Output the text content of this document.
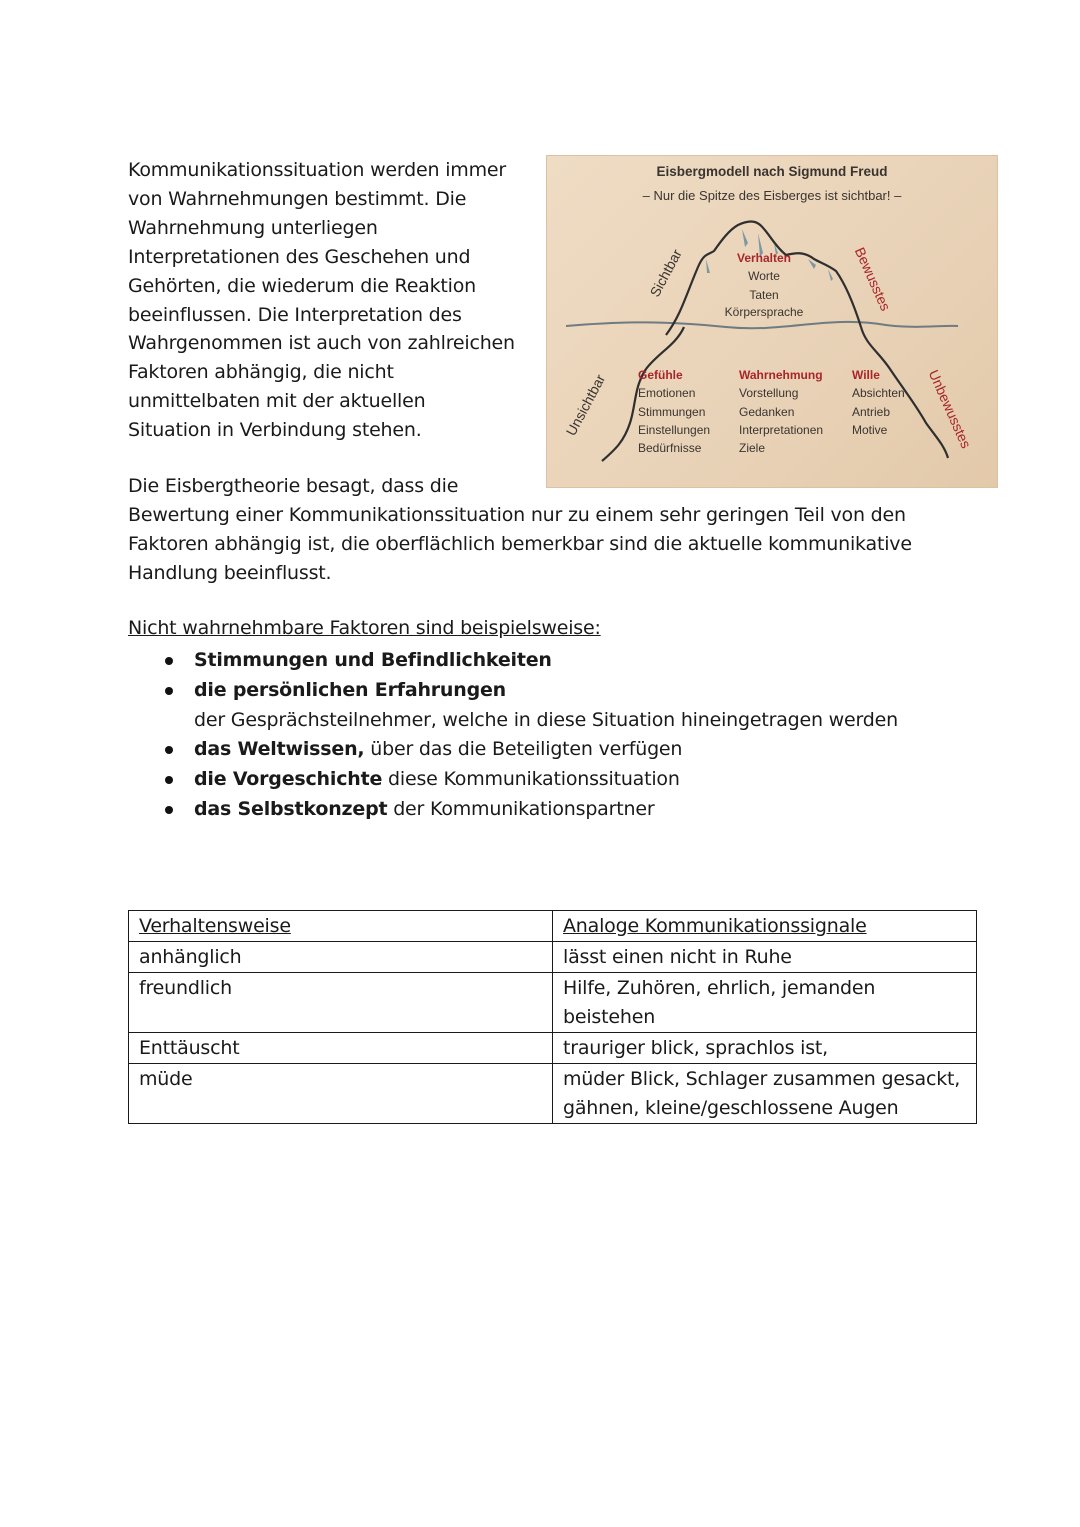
Kommunikationssituation werden immer
von Wahrnehmungen bestimmt. Die
Wahrnehmung unterliegen
Interpretationen des Geschehen und
Gehörten, die wiederum die Reaktion
beeinflussen. Die Interpretation des
Wahrgenommen ist auch von zahlreichen
Faktoren abhängig, die nicht
unmittelbaten mit der aktuellen
Situation in Verbindung stehen.

Eisbergmodell nach Sigmund Freud
– Nur die Spitze des Eisberges ist sichtbar! –
Sichtbar	Bewusstes
Unsichtbar	Unbewusstes
Verhalten
Worte
Taten
Körpersprache
Gefühle
Emotionen
Stimmungen
Einstellungen
Bedürfnisse
Wahrnehmung
Vorstellung
Gedanken
Interpretationen
Ziele
Wille
Absichten
Antrieb
Motive

Die Eisbergtheorie besagt, dass die
Bewertung einer Kommunikationssituation nur zu einem sehr geringen Teil von den
Faktoren abhängig ist, die oberflächlich bemerkbar sind die aktuelle kommunikative
Handlung beeinflusst.

Nicht wahrnehmbare Faktoren sind beispielsweise:
Stimmungen und Befindlichkeiten
die persönlichen Erfahrungen
der Gesprächsteilnehmer, welche in diese Situation hineingetragen werden
das Weltwissen, über das die Beteiligten verfügen
die Vorgeschichte diese Kommunikationssituation
das Selbstkonzept der Kommunikationspartner
Verhaltensweise	Analoge Kommunikationssignale
anhänglich	lässt einen nicht in Ruhe

freundlich	Hilfe, Zuhören, ehrlich, jemanden
beistehen

Enttäuscht	trauriger blick, sprachlos ist,

müde	müder Blick, Schlager zusammen gesackt,
gähnen, kleine/geschlossene Augen
